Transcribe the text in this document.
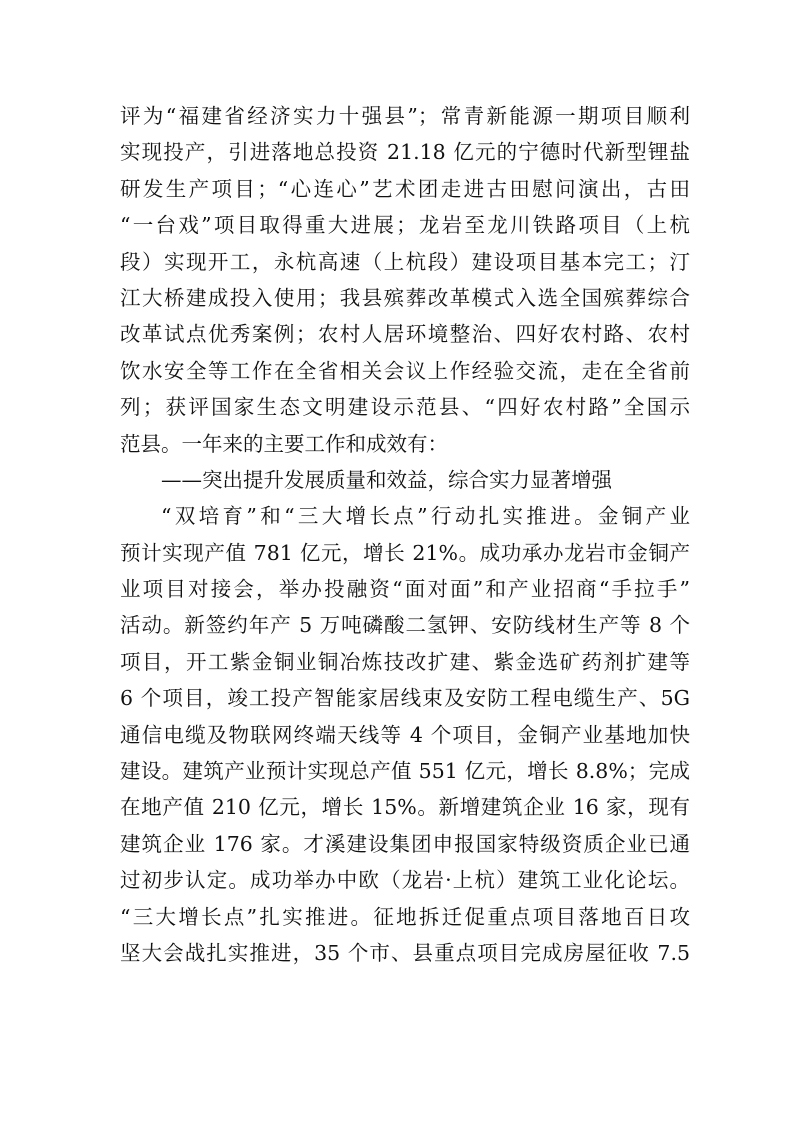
评为“福建省经济实力十强县”；常青新能源一期项目顺利
实现投产，引进落地总投资 21.18 亿元的宁德时代新型锂盐
研发生产项目；“心连心”艺术团走进古田慰问演出，古田
“一台戏”项目取得重大进展；龙岩至龙川铁路项目（上杭
段）实现开工，永杭高速（上杭段）建设项目基本完工；汀
江大桥建成投入使用；我县殡葬改革模式入选全国殡葬综合
改革试点优秀案例；农村人居环境整治、四好农村路、农村
饮水安全等工作在全省相关会议上作经验交流，走在全省前
列；获评国家生态文明建设示范县、“四好农村路”全国示
范县。一年来的主要工作和成效有：
——突出提升发展质量和效益，综合实力显著增强
“双培育”和“三大增长点”行动扎实推进。金铜产业
预计实现产值 781 亿元，增长 21%。成功承办龙岩市金铜产
业项目对接会，举办投融资“面对面”和产业招商“手拉手”
活动。新签约年产 5 万吨磷酸二氢钾、安防线材生产等 8 个
项目，开工紫金铜业铜冶炼技改扩建、紫金选矿药剂扩建等
6 个项目，竣工投产智能家居线束及安防工程电缆生产、5G
通信电缆及物联网终端天线等 4 个项目，金铜产业基地加快
建设。建筑产业预计实现总产值 551 亿元，增长 8.8%；完成
在地产值 210 亿元，增长 15%。新增建筑企业 16 家，现有
建筑企业 176 家。才溪建设集团申报国家特级资质企业已通
过初步认定。成功举办中欧（龙岩·上杭）建筑工业化论坛。
“三大增长点”扎实推进。征地拆迁促重点项目落地百日攻
坚大会战扎实推进，35 个市、县重点项目完成房屋征收 7.5
